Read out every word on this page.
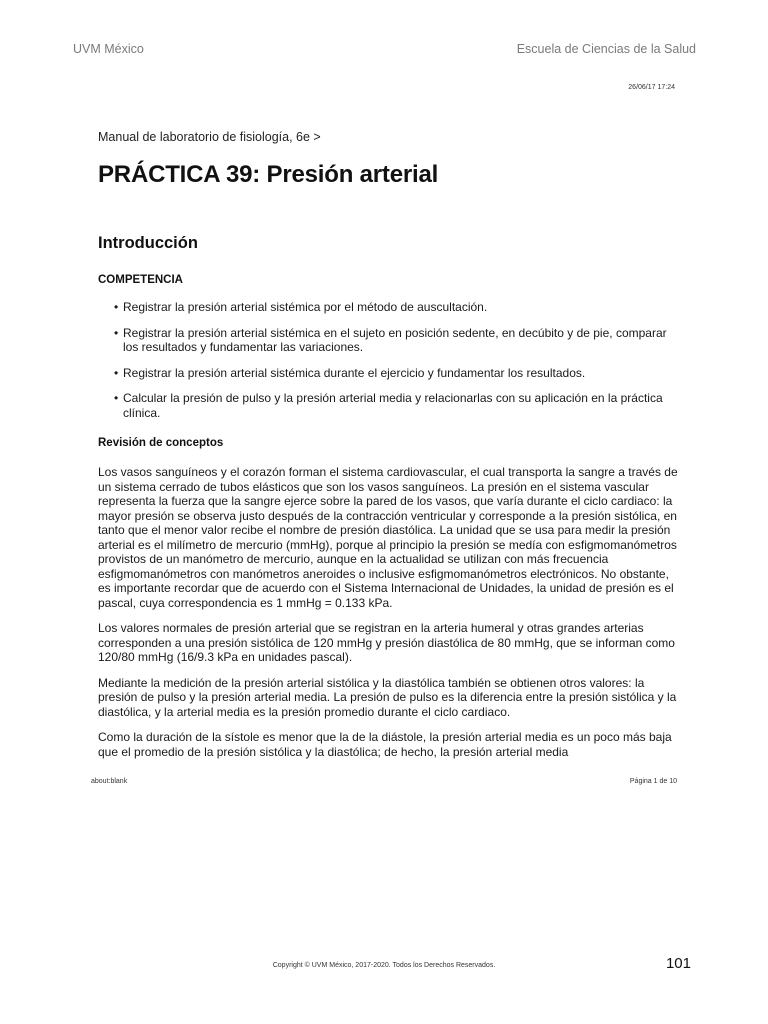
UVM México	Escuela de Ciencias de la Salud
26/06/17 17:24
Manual de laboratorio de fisiología, 6e >
PRÁCTICA 39: Presión arterial
Introducción
COMPETENCIA
• Registrar la presión arterial sistémica por el método de auscultación.
• Registrar la presión arterial sistémica en el sujeto en posición sedente, en decúbito y de pie, comparar los resultados y fundamentar las variaciones.
• Registrar la presión arterial sistémica durante el ejercicio y fundamentar los resultados.
• Calcular la presión de pulso y la presión arterial media y relacionarlas con su aplicación en la práctica clínica.
Revisión de conceptos

Los vasos sanguíneos y el corazón forman el sistema cardiovascular, el cual transporta la sangre a través de un sistema cerrado de tubos elásticos que son los vasos sanguíneos. La presión en el sistema vascular representa la fuerza que la sangre ejerce sobre la pared de los vasos, que varía durante el ciclo cardiaco: la mayor presión se observa justo después de la contracción ventricular y corresponde a la presión sistólica, en tanto que el menor valor recibe el nombre de presión diastólica. La unidad que se usa para medir la presión arterial es el milímetro de mercurio (mmHg), porque al principio la presión se medía con esfigmomanómetros provistos de un manómetro de mercurio, aunque en la actualidad se utilizan con más frecuencia esfigmomanómetros con manómetros aneroides o inclusive esfigmomanómetros electrónicos. No obstante, es importante recordar que de acuerdo con el Sistema Internacional de Unidades, la unidad de presión es el pascal, cuya correspondencia es 1 mmHg = 0.133 kPa.

Los valores normales de presión arterial que se registran en la arteria humeral y otras grandes arterias corresponden a una presión sistólica de 120 mmHg y presión diastólica de 80 mmHg, que se informan como 120/80 mmHg (16/9.3 kPa en unidades pascal).

Mediante la medición de la presión arterial sistólica y la diastólica también se obtienen otros valores: la presión de pulso y la presión arterial media. La presión de pulso es la diferencia entre la presión sistólica y la diastólica, y la arterial media es la presión promedio durante el ciclo cardiaco.

Como la duración de la sístole es menor que la de la diástole, la presión arterial media es un poco más baja que el promedio de la presión sistólica y la diastólica; de hecho, la presión arterial media

about:blank	Página 1 de 10
Copyright © UVM México, 2017-2020. Todos los Derechos Reservados.	101
